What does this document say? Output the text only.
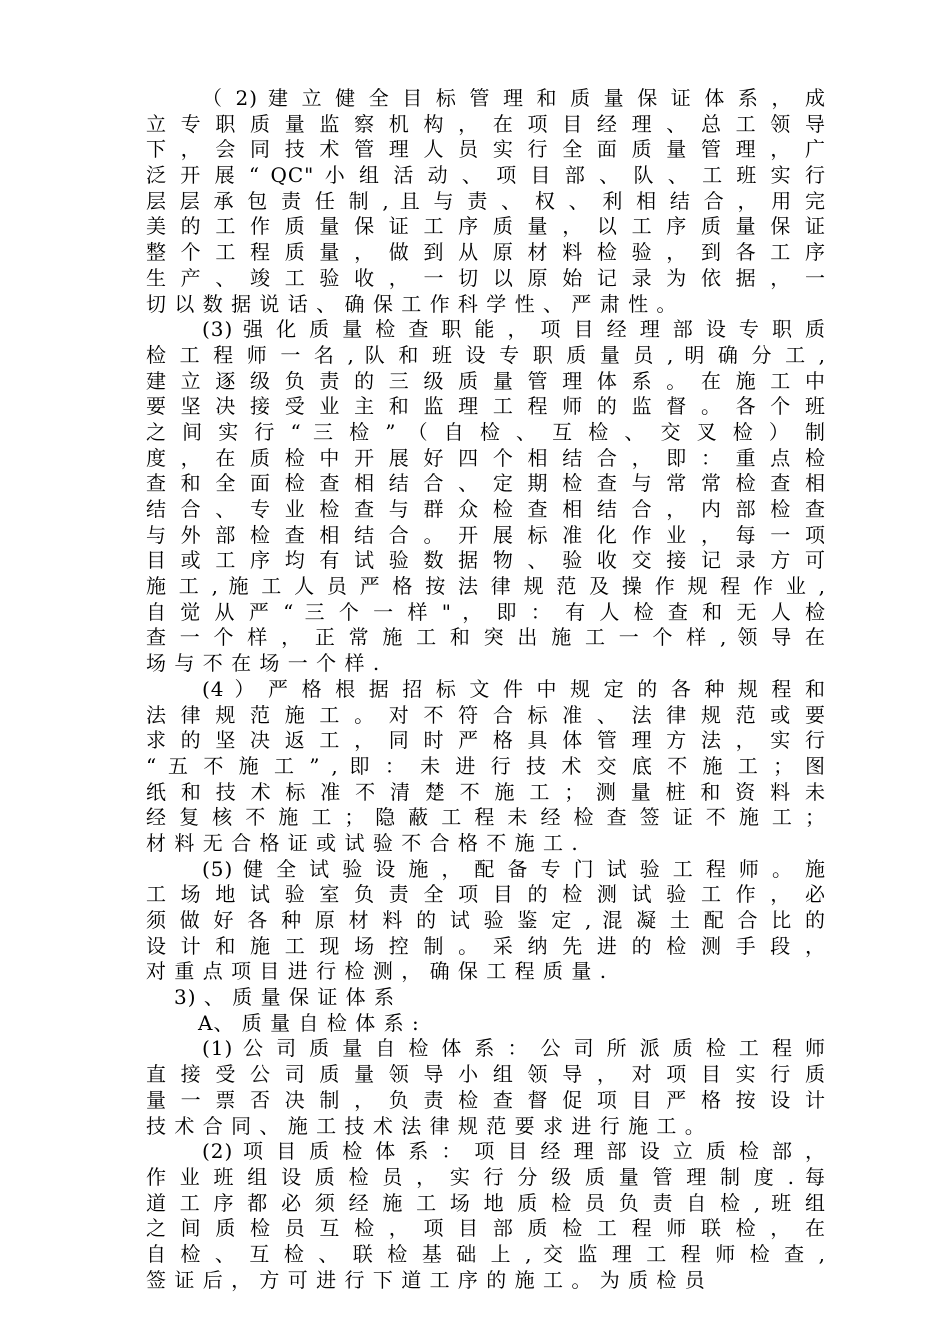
（ 2) 建 立 健 全 目 标 管 理 和 质 量 保 证 体 系 ， 成
立 专 职 质 量 监 察 机 构 ， 在 项 目 经 理 、 总 工 领 导
下 ， 会 同 技 术 管 理 人 员 实 行 全 面 质 量 管 理 ， 广
泛 开 展 “ QC" 小 组 活 动 、 项 目 部 、 队 、 工 班 实 行
层 层 承 包 责 任 制 , 且 与 责 、 权 、 利 相 结 合 ， 用 完
美 的 工 作 质 量 保 证 工 序 质 量 ， 以 工 序 质 量 保 证
整 个 工 程 质 量 ， 做 到 从 原 材 料 检 验 ， 到 各 工 序
生 产 、 竣 工 验 收 ， 一 切 以 原 始 记 录 为 依 据 ， 一
切 以 数 据 说 话 、 确 保 工 作 科 学 性 、 严 肃 性 。
(3) 强 化 质 量 检 查 职 能 ， 项 目 经 理 部 设 专 职 质
检 工 程 师 一 名 , 队 和 班 设 专 职 质 量 员 , 明 确 分 工 ,
建 立 逐 级 负 责 的 三 级 质 量 管 理 体 系 。 在 施 工 中
要 坚 决 接 受 业 主 和 监 理 工 程 师 的 监 督 。 各 个 班
之 间 实 行 “ 三 检 ” （ 自 检 、 互 检 、 交 叉 检 ） 制
度 ， 在 质 检 中 开 展 好 四 个 相 结 合 ， 即 ： 重 点 检
查 和 全 面 检 查 相 结 合 、 定 期 检 查 与 常 常 检 查 相
结 合 、 专 业 检 查 与 群 众 检 查 相 结 合 ， 内 部 检 查
与 外 部 检 查 相 结 合 。 开 展 标 准 化 作 业 ， 每 一 项
目 或 工 序 均 有 试 验 数 据 物 、 验 收 交 接 记 录 方 可
施 工 , 施 工 人 员 严 格 按 法 律 规 范 及 操 作 规 程 作 业 ,
自 觉 从 严 “ 三 个 一 样 " ， 即 ： 有 人 检 查 和 无 人 检
查 一 个 样 ， 正 常 施 工 和 突 出 施 工 一 个 样 , 领 导 在
场 与 不 在 场 一 个 样 .
(4 ） 严 格 根 据 招 标 文 件 中 规 定 的 各 种 规 程 和
法 律 规 范 施 工 。 对 不 符 合 标 准 、 法 律 规 范 或 要
求 的 坚 决 返 工 ， 同 时 严 格 具 体 管 理 方 法 ， 实 行
“ 五 不 施 工 ” , 即 ： 未 进 行 技 术 交 底 不 施 工 ； 图
纸 和 技 术 标 准 不 清 楚 不 施 工 ； 测 量 桩 和 资 料 未
经 复 核 不 施 工 ； 隐 蔽 工 程 未 经 检 查 签 证 不 施 工 ；
材 料 无 合 格 证 或 试 验 不 合 格 不 施 工 .
(5) 健 全 试 验 设 施 ， 配 备 专 门 试 验 工 程 师 。 施
工 场 地 试 验 室 负 责 全 项 目 的 检 测 试 验 工 作 ， 必
须 做 好 各 种 原 材 料 的 试 验 鉴 定 , 混 凝 土 配 合 比 的
设 计 和 施 工 现 场 控 制 。 采 纳 先 进 的 检 测 手 段 ，
对 重 点 项 目 进 行 检 测 ， 确 保 工 程 质 量 .
3) 、 质 量 保 证 体 系
A、 质 量 自 检 体 系 :
(1) 公 司 质 量 自 检 体 系 ： 公 司 所 派 质 检 工 程 师
直 接 受 公 司 质 量 领 导 小 组 领 导 ， 对 项 目 实 行 质
量 一 票 否 决 制 ， 负 责 检 查 督 促 项 目 严 格 按 设 计
技 术 合 同 、 施 工 技 术 法 律 规 范 要 求 进 行 施 工 。
(2) 项 目 质 检 体 系 ： 项 目 经 理 部 设 立 质 检 部 ，
作 业 班 组 设 质 检 员 ， 实 行 分 级 质 量 管 理 制 度 . 每
道 工 序 都 必 须 经 施 工 场 地 质 检 员 负 责 自 检 , 班 组
之 间 质 检 员 互 检 ， 项 目 部 质 检 工 程 师 联 检 ， 在
自 检 、 互 检 、 联 检 基 础 上 , 交 监 理 工 程 师 检 查 ,
签 证 后 ， 方 可 进 行 下 道 工 序 的 施 工 。 为 质 检 员
